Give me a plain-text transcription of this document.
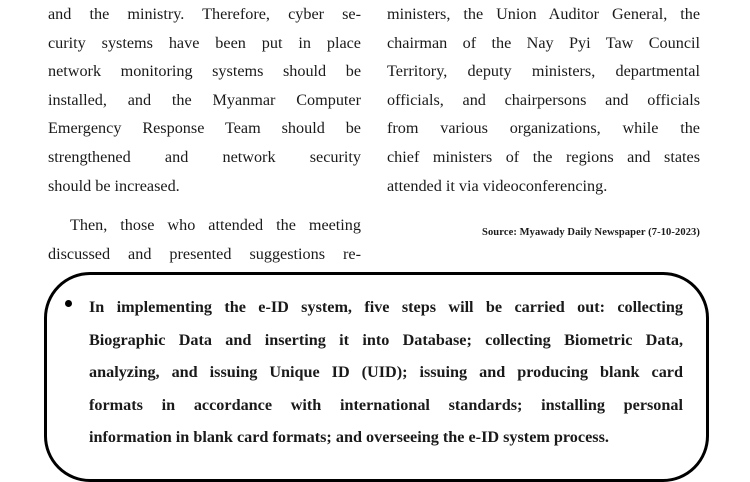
and the ministry. Therefore, cyber se-

curity systems have been put in place

network monitoring systems should be

installed, and the Myanmar Computer

Emergency Response Team should be

strengthened and network security

should be increased.

Then, those who attended the meeting

discussed and presented suggestions re-

ministers, the Union Auditor General, the

chairman of the Nay Pyi Taw Council

Territory, deputy ministers, departmental

officials, and chairpersons and officials

from various organizations, while the

chief ministers of the regions and states

attended it via videoconferencing.

Source: Myawady Daily Newspaper (7-10-2023)

In implementing the e-ID system, five steps will be carried out: collecting

Biographic Data and inserting it into Database; collecting Biometric Data,

analyzing, and issuing Unique ID (UID); issuing and producing blank card

formats in accordance with international standards; installing personal

information in blank card formats; and overseeing the e-ID system process.
